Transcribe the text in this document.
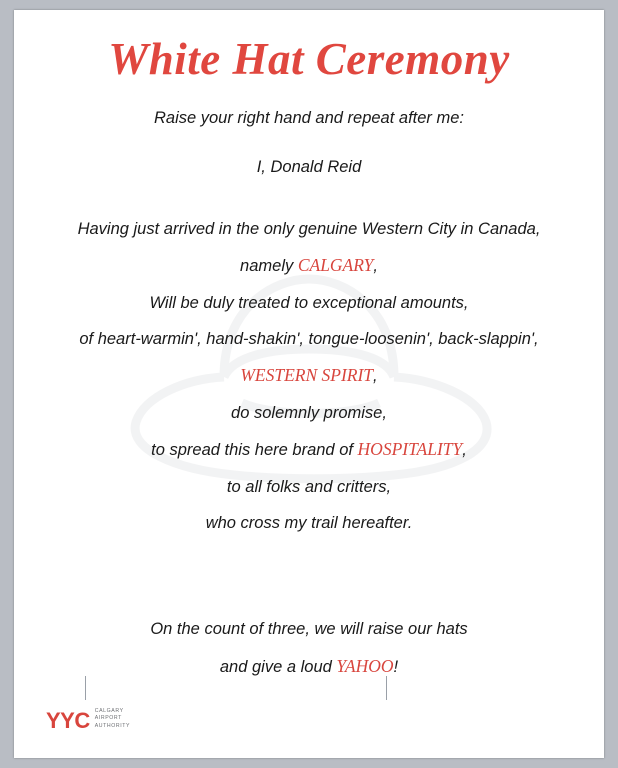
White Hat Ceremony

Raise your right hand and repeat after me:

I, Donald Reid

Having just arrived in the only genuine Western City in Canada,

namely CALGARY,

Will be duly treated to exceptional amounts,

of heart-warmin', hand-shakin', tongue-loosenin', back-slappin',

WESTERN SPIRIT,

do solemnly promise,

to spread this here brand of HOSPITALITY,

to all folks and critters,

who cross my trail hereafter.

On the count of three, we will raise our hats

and give a loud YAHOO!

YYC CALGARY
AIRPORT
AUTHORITY
